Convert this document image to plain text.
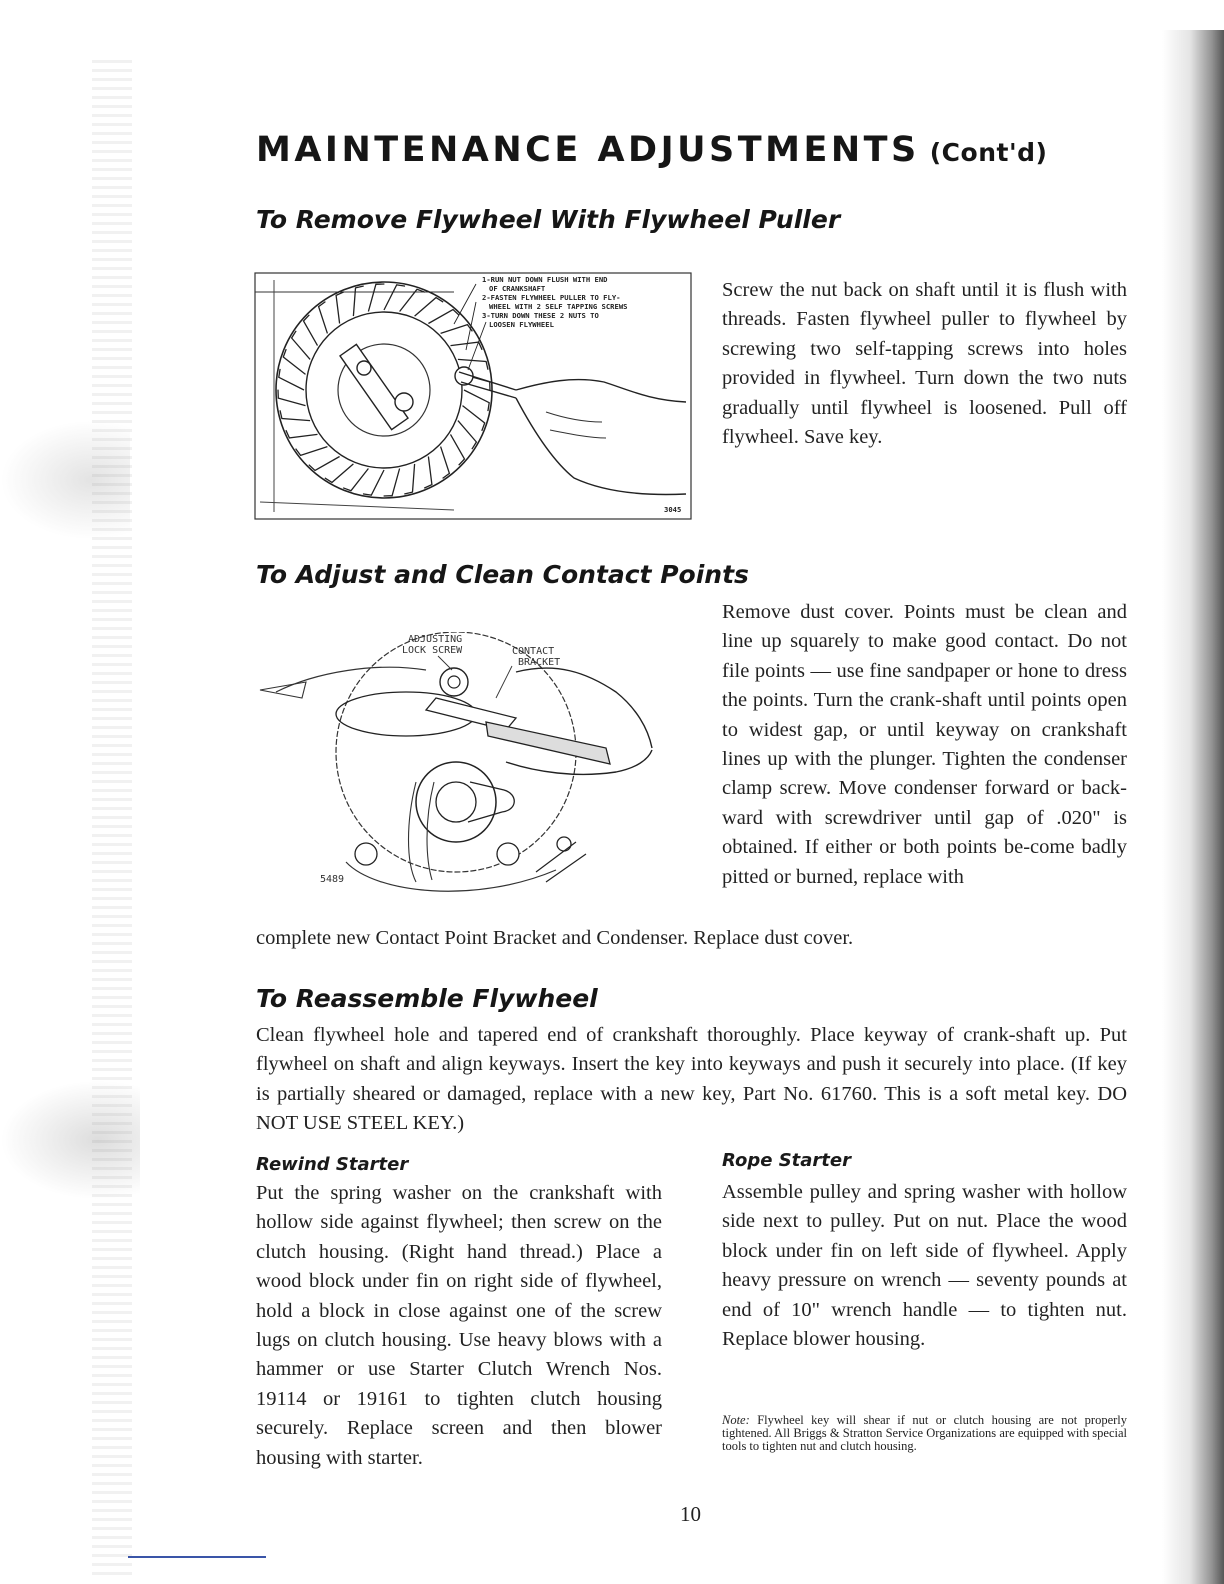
MAINTENANCE ADJUSTMENTS (Cont'd)
To Remove Flywheel With Flywheel Puller
1-RUN NUT DOWN FLUSH WITH END
OF CRANKSHAFT
2-FASTEN FLYWHEEL PULLER TO FLY-
WHEEL WITH 2 SELF TAPPING SCREWS
3-TURN DOWN THESE 2 NUTS TO
LOOSEN FLYWHEEL
3045

Screw the nut back on shaft until it is flush with threads. Fasten flywheel puller to flywheel by screwing two self-tapping screws into holes provided in flywheel. Turn down the two nuts gradually until flywheel is loosened. Pull off flywheel. Save key.

To Adjust and Clean Contact Points
ADJUSTING
LOCK SCREW	CONTACT
BRACKET
5489

Remove dust cover. Points must be clean and line up squarely to make good contact. Do not file points — use fine sandpaper or hone to dress the points. Turn the crank-shaft until points open to widest gap, or until keyway on crankshaft lines up with the plunger. Tighten the condenser clamp screw. Move condenser forward or back-ward with screwdriver until gap of .020" is obtained. If either or both points be-come badly pitted or burned, replace with

complete new Contact Point Bracket and Condenser. Replace dust cover.

To Reassemble Flywheel

Clean flywheel hole and tapered end of crankshaft thoroughly. Place keyway of crank-shaft up. Put flywheel on shaft and align keyways. Insert the key into keyways and push it securely into place. (If key is partially sheared or damaged, replace with a new key, Part No. 61760. This is a soft metal key. DO NOT USE STEEL KEY.)

Rewind Starter

Put the spring washer on the crankshaft with hollow side against flywheel; then screw on the clutch housing. (Right hand thread.) Place a wood block under fin on right side of flywheel, hold a block in close against one of the screw lugs on clutch housing. Use heavy blows with a hammer or use Starter Clutch Wrench Nos. 19114 or 19161 to tighten clutch housing securely. Replace screen and then blower housing with starter.

Rope Starter

Assemble pulley and spring washer with hollow side next to pulley. Put on nut. Place the wood block under fin on left side of flywheel. Apply heavy pressure on wrench — seventy pounds at end of 10" wrench handle — to tighten nut. Replace blower housing.

Note: Flywheel key will shear if nut or clutch housing are not properly tightened. All Briggs & Stratton Service Organizations are equipped with special tools to tighten nut and clutch housing.

10
